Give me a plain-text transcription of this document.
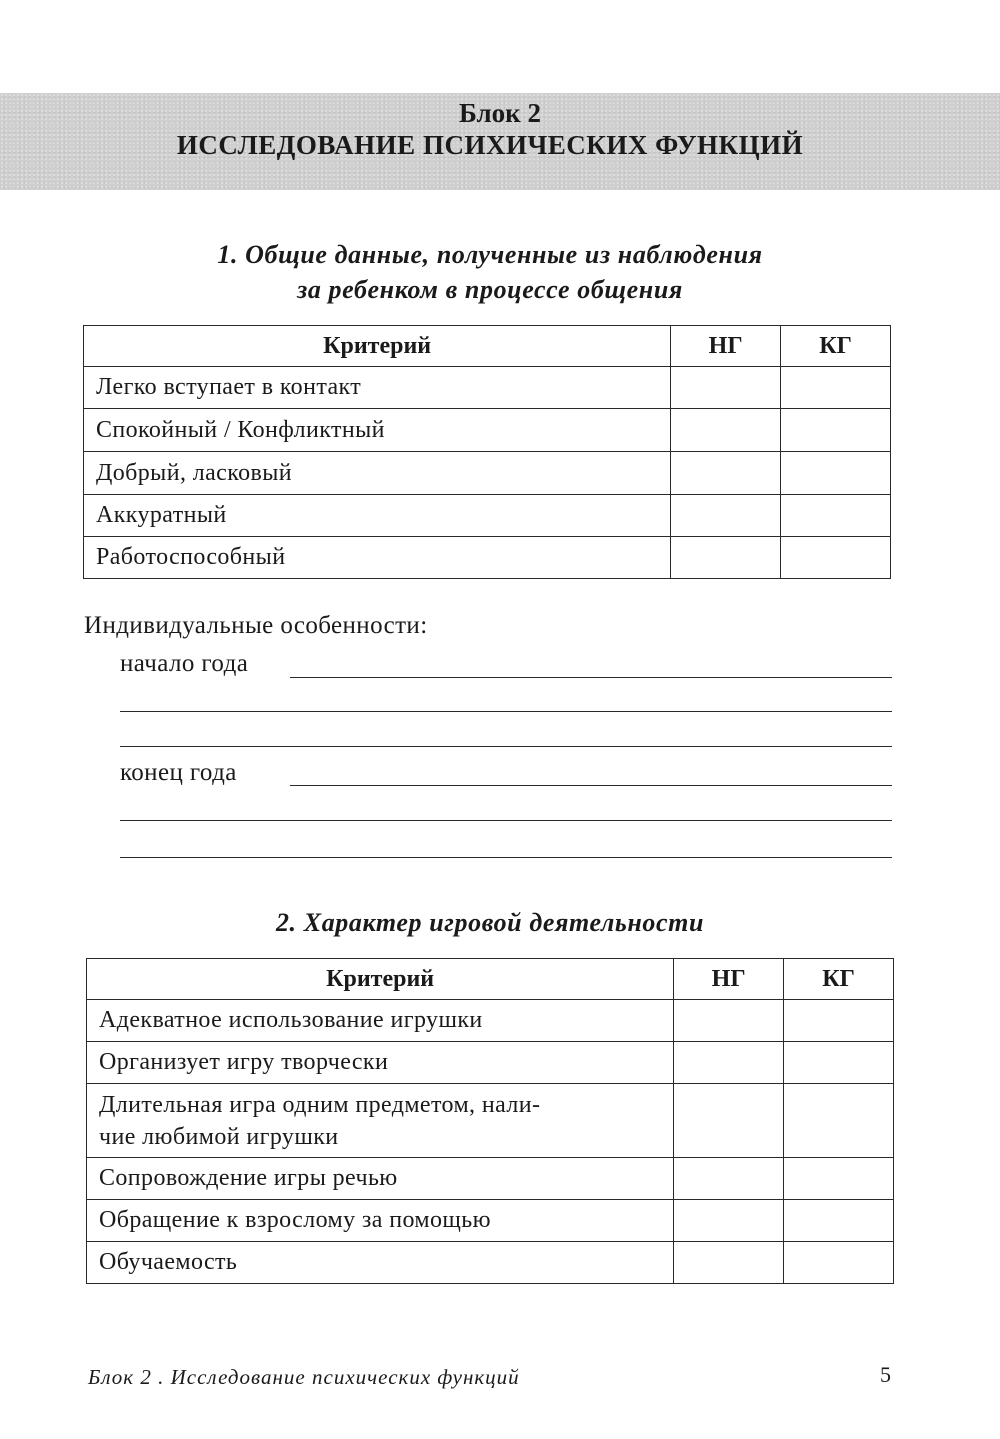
Блок 2
ИССЛЕДОВАНИЕ ПСИХИЧЕСКИХ ФУНКЦИЙ
1. Общие данные, полученные из наблюдения
за ребенком в процессе общения
Критерий	НГ	КГ
Легко вступает в контакт		
Спокойный / Конфликтный		
Добрый, ласковый		
Аккуратный		
Работоспособный		
Индивидуальные особенности:
начало года
конец года
2. Характер игровой деятельности
Критерий	НГ	КГ
Адекватное использование игрушки		
Организует игру творчески		
Длительная игра одним предметом, нали-
чие любимой игрушки		
Сопровождение игры речью		
Обращение к взрослому за помощью		
Обучаемость		
Блок 2 . Исследование психических функций	5
